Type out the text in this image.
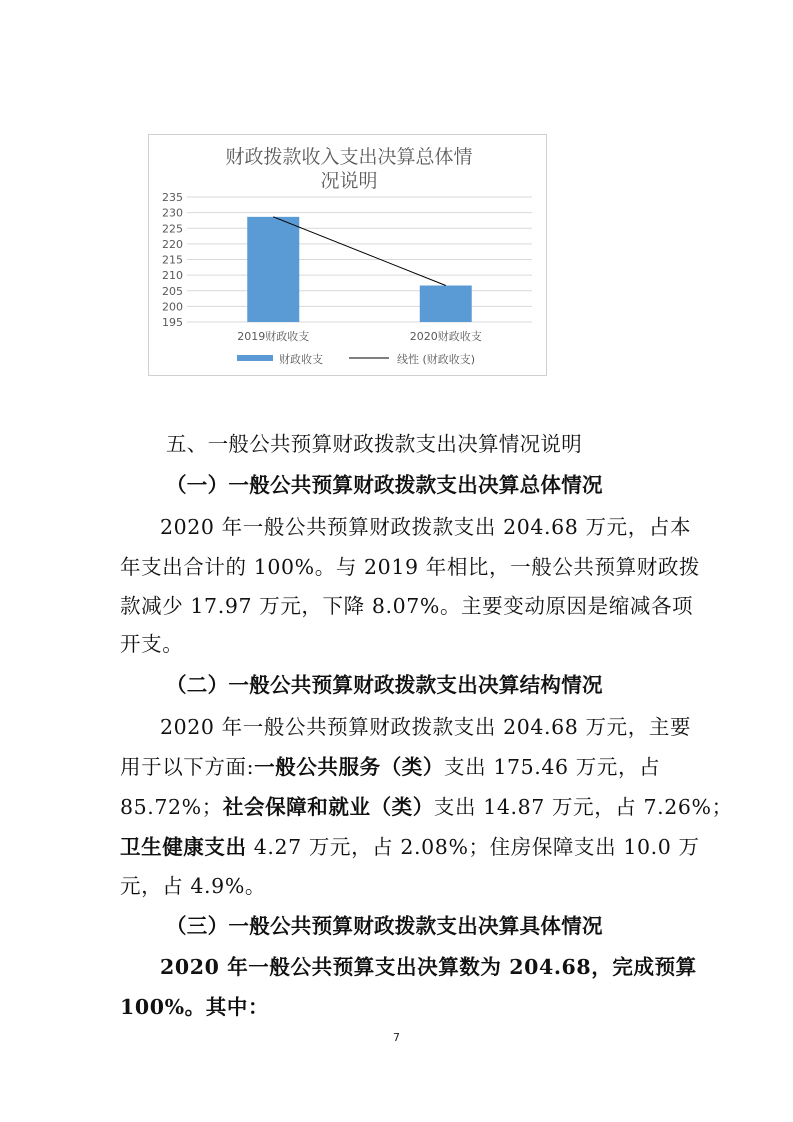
财政拨款收入支出决算总体情
况说明
195
200
205
210
215
220
225
230
235
2019财政收支	2020财政收支
财政收支	线性 (财政收支)
五、一般公共预算财政拨款支出决算情况说明
（一）一般公共预算财政拨款支出决算总体情况
2020 年一般公共预算财政拨款支出 204.68 万元，占本
年支出合计的 100%。与 2019 年相比，一般公共预算财政拨
款减少 17.97 万元，下降 8.07%。主要变动原因是缩减各项
开支。
（二）一般公共预算财政拨款支出决算结构情况
2020 年一般公共预算财政拨款支出 204.68 万元，主要
用于以下方面:一般公共服务（类）支出 175.46 万元，占
85.72%；社会保障和就业（类）支出 14.87 万元，占 7.26%；
卫生健康支出 4.27 万元，占 2.08%；住房保障支出 10.0 万
元，占 4.9%。
（三）一般公共预算财政拨款支出决算具体情况
2020 年一般公共预算支出决算数为 204.68，完成预算
100%。其中：
7
